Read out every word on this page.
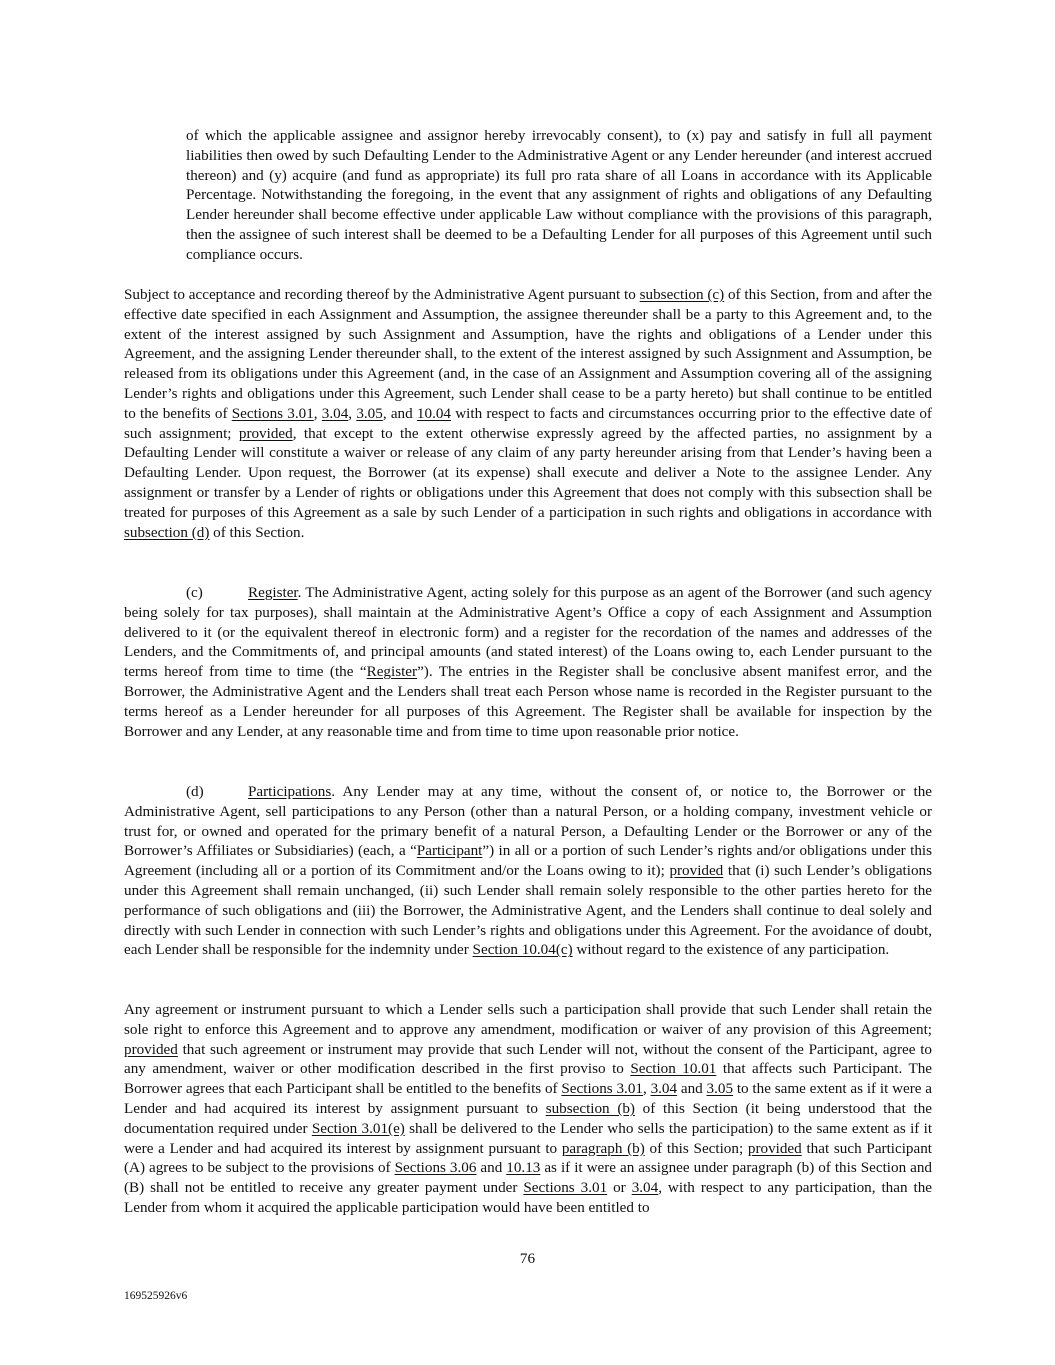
of which the applicable assignee and assignor hereby irrevocably consent), to (x) pay and satisfy in full all payment liabilities then owed by such Defaulting Lender to the Administrative Agent or any Lender hereunder (and interest accrued thereon) and (y) acquire (and fund as appropriate) its full pro rata share of all Loans in accordance with its Applicable Percentage. Notwithstanding the foregoing, in the event that any assignment of rights and obligations of any Defaulting Lender hereunder shall become effective under applicable Law without compliance with the provisions of this paragraph, then the assignee of such interest shall be deemed to be a Defaulting Lender for all purposes of this Agreement until such compliance occurs.

Subject to acceptance and recording thereof by the Administrative Agent pursuant to subsection (c) of this Section, from and after the effective date specified in each Assignment and Assumption, the assignee thereunder shall be a party to this Agreement and, to the extent of the interest assigned by such Assignment and Assumption, have the rights and obligations of a Lender under this Agreement, and the assigning Lender thereunder shall, to the extent of the interest assigned by such Assignment and Assumption, be released from its obligations under this Agreement (and, in the case of an Assignment and Assumption covering all of the assigning Lender’s rights and obligations under this Agreement, such Lender shall cease to be a party hereto) but shall continue to be entitled to the benefits of Sections 3.01, 3.04, 3.05, and 10.04 with respect to facts and circumstances occurring prior to the effective date of such assignment; provided, that except to the extent otherwise expressly agreed by the affected parties, no assignment by a Defaulting Lender will constitute a waiver or release of any claim of any party hereunder arising from that Lender’s having been a Defaulting Lender. Upon request, the Borrower (at its expense) shall execute and deliver a Note to the assignee Lender. Any assignment or transfer by a Lender of rights or obligations under this Agreement that does not comply with this subsection shall be treated for purposes of this Agreement as a sale by such Lender of a participation in such rights and obligations in accordance with subsection (d) of this Section.

(c)	Register. The Administrative Agent, acting solely for this purpose as an agent of the Borrower (and such agency being solely for tax purposes), shall maintain at the Administrative Agent’s Office a copy of each Assignment and Assumption delivered to it (or the equivalent thereof in electronic form) and a register for the recordation of the names and addresses of the Lenders, and the Commitments of, and principal amounts (and stated interest) of the Loans owing to, each Lender pursuant to the terms hereof from time to time (the “Register”). The entries in the Register shall be conclusive absent manifest error, and the Borrower, the Administrative Agent and the Lenders shall treat each Person whose name is recorded in the Register pursuant to the terms hereof as a Lender hereunder for all purposes of this Agreement. The Register shall be available for inspection by the Borrower and any Lender, at any reasonable time and from time to time upon reasonable prior notice.

(d)	Participations. Any Lender may at any time, without the consent of, or notice to, the Borrower or the Administrative Agent, sell participations to any Person (other than a natural Person, or a holding company, investment vehicle or trust for, or owned and operated for the primary benefit of a natural Person, a Defaulting Lender or the Borrower or any of the Borrower’s Affiliates or Subsidiaries) (each, a “Participant”) in all or a portion of such Lender’s rights and/or obligations under this Agreement (including all or a portion of its Commitment and/or the Loans owing to it); provided that (i) such Lender’s obligations under this Agreement shall remain unchanged, (ii) such Lender shall remain solely responsible to the other parties hereto for the performance of such obligations and (iii) the Borrower, the Administrative Agent, and the Lenders shall continue to deal solely and directly with such Lender in connection with such Lender’s rights and obligations under this Agreement. For the avoidance of doubt, each Lender shall be responsible for the indemnity under Section 10.04(c) without regard to the existence of any participation.

Any agreement or instrument pursuant to which a Lender sells such a participation shall provide that such Lender shall retain the sole right to enforce this Agreement and to approve any amendment, modification or waiver of any provision of this Agreement; provided that such agreement or instrument may provide that such Lender will not, without the consent of the Participant, agree to any amendment, waiver or other modification described in the first proviso to Section 10.01 that affects such Participant. The Borrower agrees that each Participant shall be entitled to the benefits of Sections 3.01, 3.04 and 3.05 to the same extent as if it were a Lender and had acquired its interest by assignment pursuant to subsection (b) of this Section (it being understood that the documentation required under Section 3.01(e) shall be delivered to the Lender who sells the participation) to the same extent as if it were a Lender and had acquired its interest by assignment pursuant to paragraph (b) of this Section; provided that such Participant (A) agrees to be subject to the provisions of Sections 3.06 and 10.13 as if it were an assignee under paragraph (b) of this Section and (B) shall not be entitled to receive any greater payment under Sections 3.01 or 3.04, with respect to any participation, than the Lender from whom it acquired the applicable participation would have been entitled to

76

169525926v6
